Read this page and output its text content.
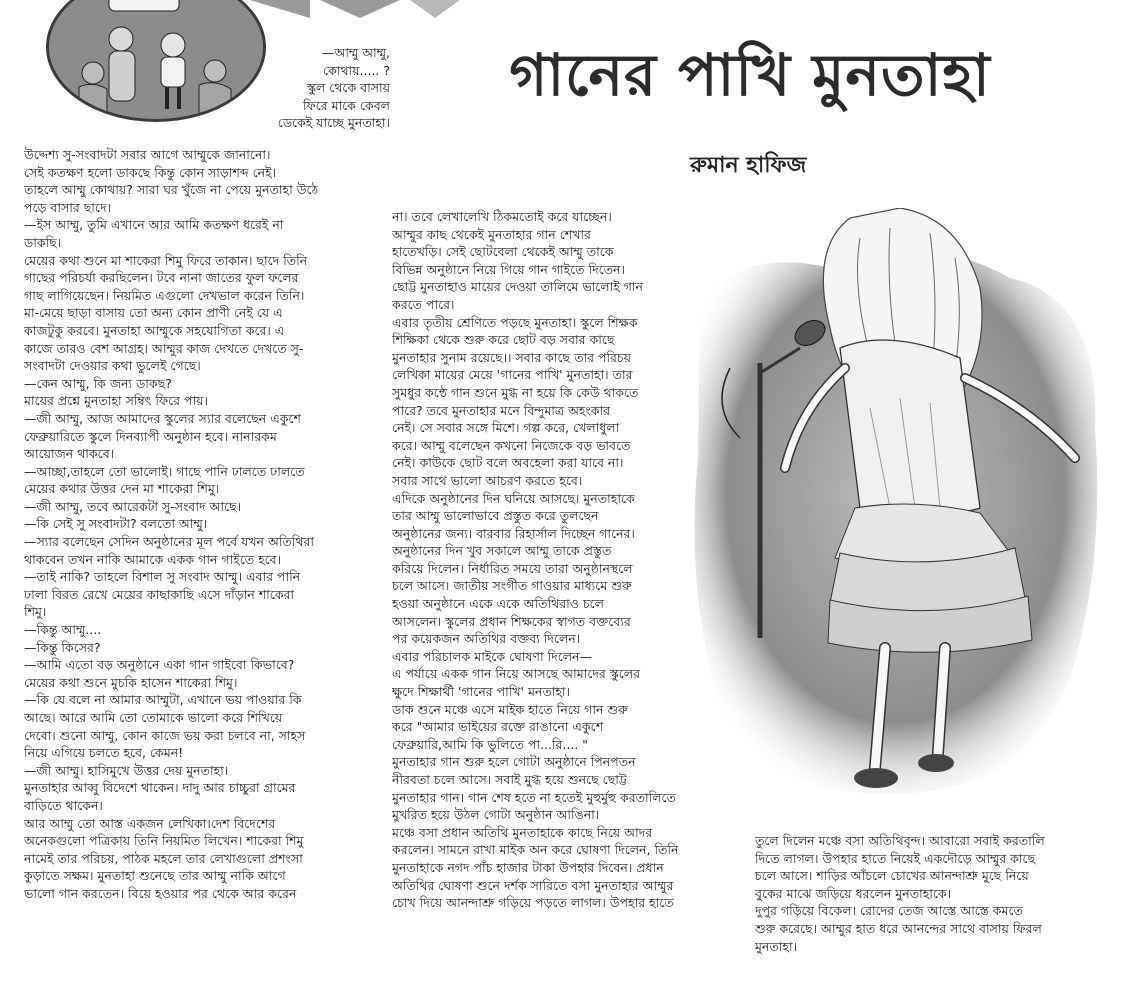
গানের পাখি মুনতাহা
রুমান হাফিজ
—আম্মু আম্মু,
কোথায়..... ?
স্কুল থেকে বাসায়
ফিরে মাকে কেবল
ডেকেই যাচ্ছে মুনতাহা।
উদ্দেশ্য সু-সংবাদটা সবার আগে আম্মুকে জানানো।
সেই কতক্ষণ হলো ডাকছে কিন্তু কোন সাড়াশব্দ নেই।
তাহলে আম্মু কোথায়? সারা ঘর খুঁজে না পেয়ে মুনতাহা উঠে
পড়ে বাসার ছাদে।
—ইস আম্মু, তুমি এখানে আর আমি কতক্ষণ ধরেই না
ডাকছি।
মেয়ের কথা শুনে মা শাকেরা শিমু ফিরে তাকান। ছাদে তিনি
গাছের পরিচর্যা করছিলেন। টবে নানা জাতের ফুল ফলের
গাছ লাগিয়েছেন। নিয়মিত এগুলো দেখভাল করেন তিনি।
মা-মেয়ে ছাড়া বাসায় তো অন্য কোন প্রাণী নেই যে এ
কাজটুকু করবে। মুনতাহা আম্মুকে সহযোগিতা করে। এ
কাজে তারও বেশ আগ্রহ। আম্মুর কাজ দেখতে দেখতে সু-
সংবাদটা দেওয়ার কথা ভুলেই গেছে।
—কেন আম্মু, কি জন্য ডাকছ?
মায়ের প্রশ্নে মুনতাহা সম্বিৎ ফিরে পায়।
—জী আম্মু, আজ আমাদের স্কুলের স্যার বলেছেন একুশে
ফেব্রুয়ারিতে স্কুলে দিনব্যাপী অনুষ্ঠান হবে। নানারকম
আয়োজন থাকবে।
—আচ্ছা,তাহলে তো ভালোই। গাছে পানি ঢালতে ঢালতে
মেয়ের কথার উত্তর দেন মা শাকেরা শিমু।
—জী আম্মু, তবে আরেকটা সু-সংবাদ আছে।
—কি সেই সু সংবাদটা? বলতো আম্মু।
—স্যার বলেছেন সেদিন অনুষ্ঠানের মূল পর্বে যখন অতিথিরা
থাকবেন তখন নাকি আমাকে একক গান গাইতে হবে।
—তাই নাকি? তাহলে বিশাল সু সংবাদ আম্মু। এবার পানি
ঢালা বিরত রেখে মেয়ের কাছাকাছি এসে দাঁড়ান শাকেরা
শিমু।
—কিন্তু আম্মু....
—কিন্তু কিসের?
—আমি এতো বড় অনুষ্ঠানে একা গান গাইবো কিভাবে?
মেয়ের কথা শুনে মুচকি হাসেন শাকেরা শিমু।
—কি যে বলে না আমার আম্মুটা, এখানে ভয় পাওয়ার কি
আছে। আরে আমি তো তোমাকে ভালো করে শিখিয়ে
দেবো। শুনো আম্মু, কোন কাজে ভয় করা চলবে না, সাহস
নিয়ে এগিয়ে চলতে হবে, কেমন!
—জী আম্মু। হাসিমুখে উত্তর দেয় মুনতাহা।
মুনতাহার আব্বু বিদেশে থাকেন। দাদু আর চাচ্চুরা গ্রামের
বাড়িতে থাকেন।
আর আম্মু তো আস্ত একজন লেখিকা।দেশ বিদেশের
অনেকগুলো পত্রিকায় তিনি নিয়মিত লিখেন। শাকেরা শিমু
নামেই তার পরিচয়, পাঠক মহলে তার লেখাগুলো প্রশংসা
কুড়াতে সক্ষম। মুনতাহা শুনেছে তার আম্মু নাকি আগে
ভালো গান করতেন। বিয়ে হওয়ার পর থেকে আর করেন
না। তবে লেখালেখি ঠিকমতোই করে যাচ্ছেন।
আম্মুর কাছ থেকেই মুনতাহার গান শেখার
হাতেখড়ি। সেই ছোটবেলা থেকেই আম্মু তাকে
বিভিন্ন অনুষ্ঠানে নিয়ে গিয়ে গান গাইতে দিতেন।
ছোট্ট মুনতাহাও মায়ের দেওয়া তালিমে ভালোই গান
করতে পারে।
এবার তৃতীয় শ্রেণিতে পড়ছে মুনতাহা। স্কুলে শিক্ষক
শিক্ষিকা থেকে শুরু করে ছোট বড় সবার কাছে
মুনতাহার সুনাম রয়েছে।। সবার কাছে তার পরিচয়
লেখিকা মায়ের মেয়ে 'গানের পাখি' মুনতাহা। তার
সুমধুর কন্ঠে গান শুনে মুগ্ধ না হয়ে কি কেউ থাকতে
পারে? তবে মুনতাহার মনে বিন্দুমাত্র অহংকার
নেই। সে সবার সঙ্গে মিশে। গল্প করে, খেলাধুলা
করে। আম্মু বলেছেন কখনো নিজেকে বড় ভাবতে
নেই। কাউকে ছোট বলে অবহেলা করা যাবে না।
সবার সাথে ভালো আচরণ করতে হবে।
এদিকে অনুষ্ঠানের দিন ঘনিয়ে আসছে। মুনতাহাকে
তার আম্মু ভালোভাবে প্রস্তুত করে তুলছেন
অনুষ্ঠানের জন্য। বারবার রিহার্সাল দিচ্ছেন গানের।
অনুষ্ঠানের দিন খুব সকালে আম্মু তাকে প্রস্তুত
করিয়ে দিলেন। নির্ধারিত সময়ে তারা অনুষ্ঠানস্থলে
চলে আসে। জাতীয় সংগীত গাওয়ার মাধ্যমে শুরু
হওয়া অনুষ্ঠানে একে একে অতিথিরাও চলে
আসলেন। স্কুলের প্রধান শিক্ষকের স্বাগত বক্তব্যের
পর কয়েকজন অতিথির বক্তব্য দিলেন।
এবার পরিচালক মাইকে ঘোষণা দিলেন—
এ পর্যায়ে একক গান নিয়ে আসছে আমাদের স্কুলের
ক্ষুদে শিক্ষার্থী 'গানের পাখি' মনতাহা।
ডাক শুনে মঞ্চে এসে মাইক হাতে নিয়ে গান শুরু
করে "আমার ভাইয়ের রক্তে রাঙানো একুশে
ফেব্রুয়ারি,আমি কি ভুলিতে পা...রি.... "
মুনতাহার গান শুরু হলে গোটা অনুষ্ঠানে পিনপতন
নীরবতা চলে আসে। সবাই মুগ্ধ হয়ে শুনছে ছোট্ট
মুনতাহার গান। গান শেষ হতে না হতেই মুহুর্মুহু করতালিতে
মুখরিত হয়ে উঠল গোটা অনুষ্ঠান আঙিনা।
মঞ্চে বসা প্রধান অতিথি মুনতাহাকে কাছে নিয়ে আদর
করলেন। সামনে রাখা মাইক অন করে ঘোষণা দিলেন, তিনি
মুনতাহাকে নগদ পাঁচ হাজার টাকা উপহার দিবেন। প্রধান
অতিথির ঘোষণা শুনে দর্শক সারিতে বসা মুনতাহার আম্মুর
চোখ দিয়ে আনন্দাশ্রু গড়িয়ে পড়তে লাগল। উপহার হাতে
তুলে দিলেন মঞ্চে বসা অতিথিবৃন্দ। আবারো সবাই করতালি
দিতে লাগল। উপহার হাতে নিয়েই একদৌড়ে আম্মুর কাছে
চলে আসে। শাড়ির আঁচলে চোখের আনন্দাশ্রু মুছে নিয়ে
বুকের মাঝে জড়িয়ে ধরলেন মুনতাহাকে।
দুপুর গড়িয়ে বিকেল। রোদের তেজ আস্তে আস্তে কমতে
শুরু করেছে। আম্মুর হাত ধরে আনন্দের সাথে বাসায় ফিরল
মুনতাহা।
